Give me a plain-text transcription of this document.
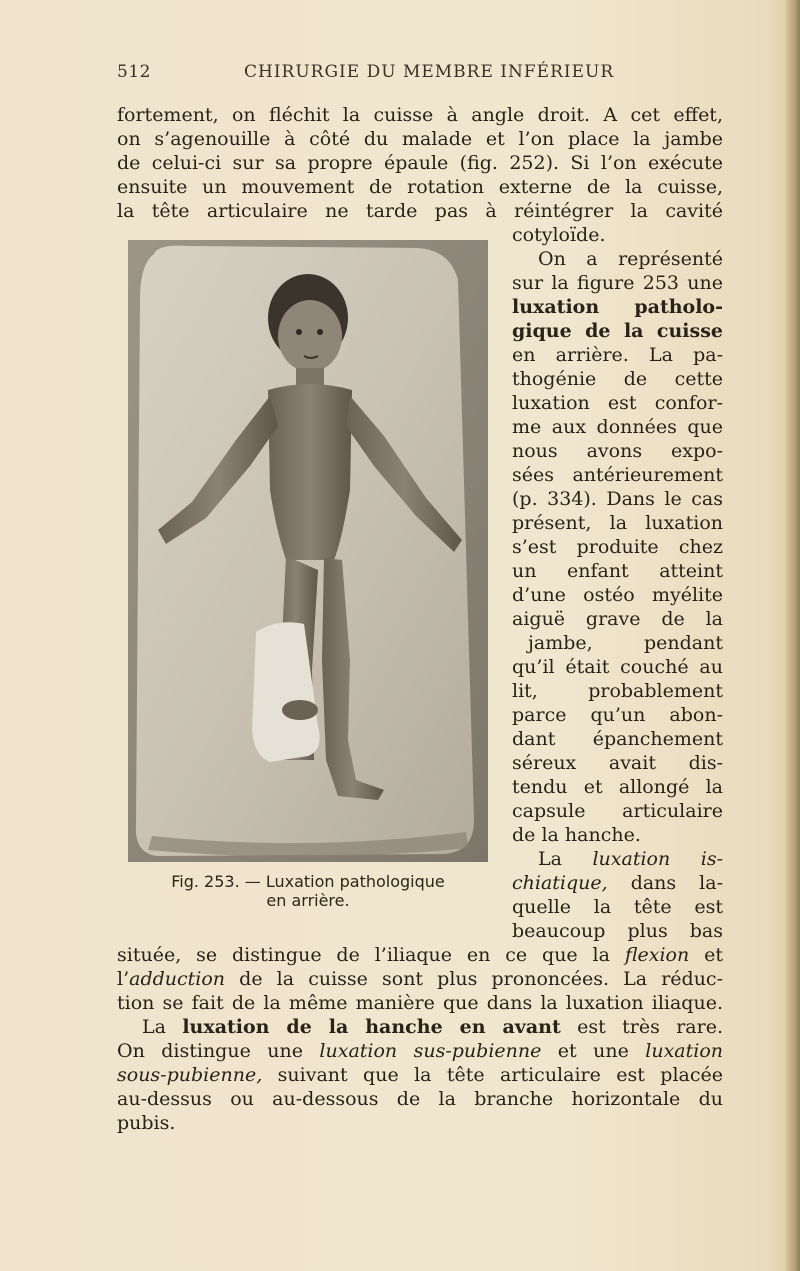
512	CHIRURGIE DU MEMBRE INFÉRIEUR
fortement, on fléchit la cuisse à angle droit. A cet effet,
on s’agenouille à côté du malade et l’on place la jambe
de celui-ci sur sa propre épaule (fig. 252). Si l’on exécute
ensuite un mouvement de rotation externe de la cuisse,
la tête articulaire ne tarde pas à réintégrer la cavité
cotyloïde.
On a représenté
sur la figure 253 une
luxation patholo-
gique de la cuisse
en arrière. La pa-
thogénie de cette
luxation est confor-
me aux données que
nous avons expo-
sées antérieurement
(p. 334). Dans le cas
présent, la luxation
s’est produite chez
un enfant atteint
d’une ostéo myélite
aiguë grave de la
jambe, pendant
qu’il était couché au
lit, probablement
parce qu’un abon-
dant épanchement
séreux avait dis-
tendu et allongé la
capsule articulaire
de la hanche.
La luxation is-
chiatique, dans la-
quelle la tête est
beaucoup plus bas
située, se distingue de l’iliaque en ce que la flexion et
l’adduction de la cuisse sont plus prononcées. La réduc-
tion se fait de la même manière que dans la luxation iliaque.
La luxation de la hanche en avant est très rare.
On distingue une luxation sus-pubienne et une luxation
sous-pubienne, suivant que la tête articulaire est placée
au-dessus ou au-dessous de la branche horizontale du
pubis.
Fig. 253. — Luxation pathologique
en arrière.
